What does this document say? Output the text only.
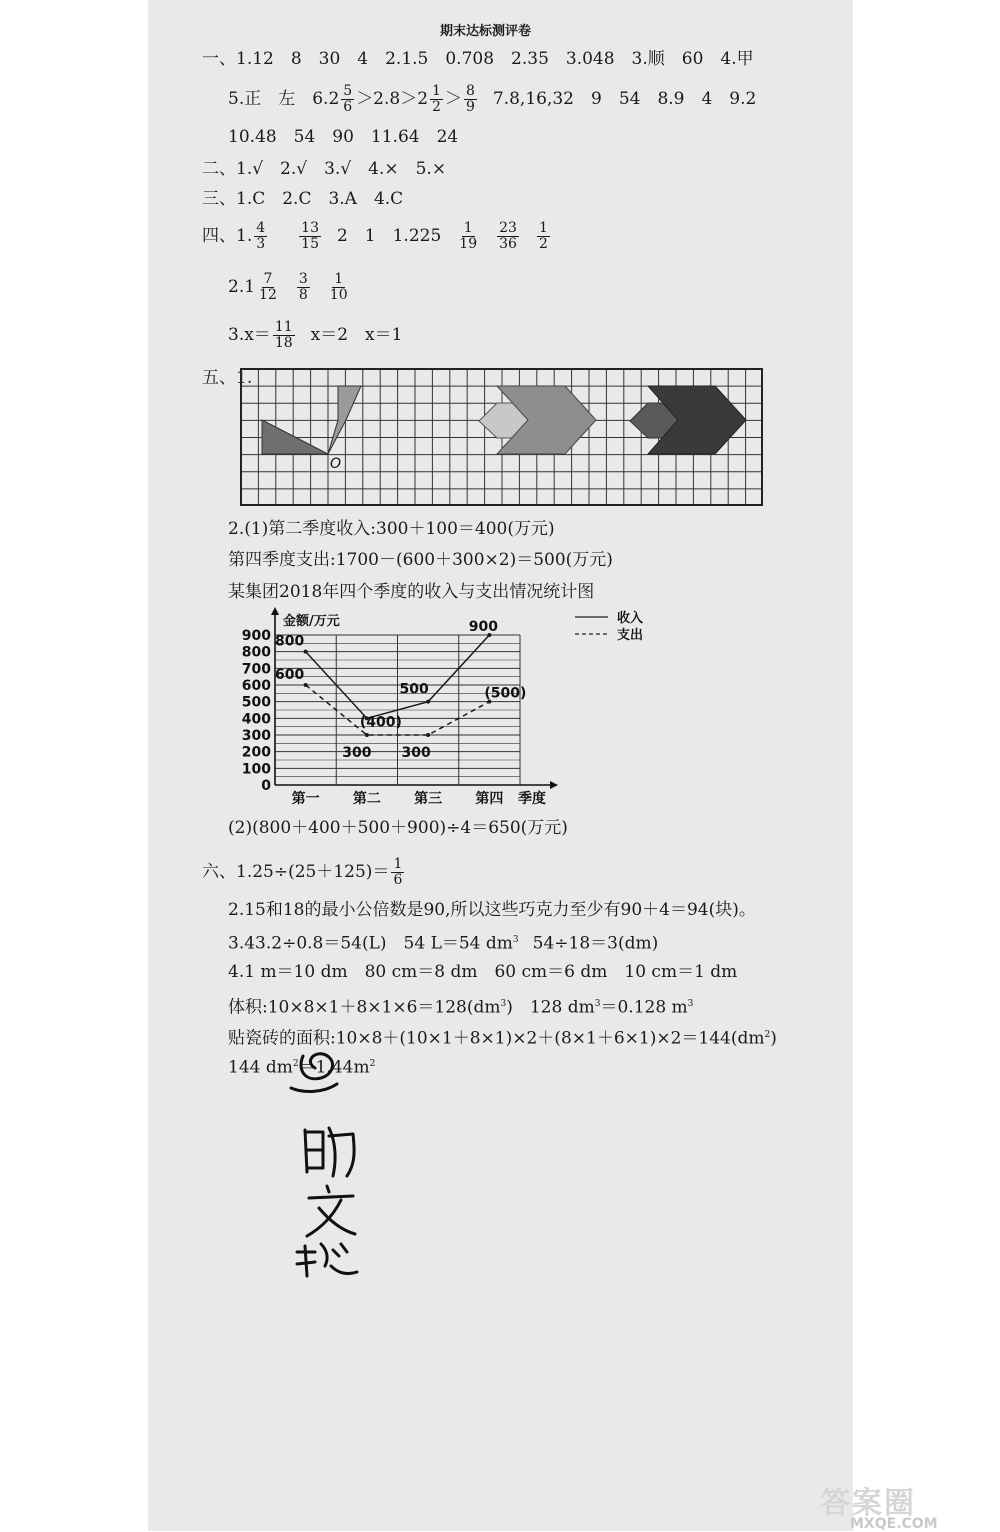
期末达标测评卷
一、1.12　8　30　4　2.1.5　0.708　2.35　3.048　3.顺　60　4.甲
5.正　左　$6.2 \frac{5}{6} >2.8>2 \frac{1}{2} > \frac{8}{9} 7.8,16,32$　9　54　8.9　4　9.2
10.48　54　90　11.64　24
二、1.√　2.√　3.√　4.×　5.×
三、1.C　2.C　3.A　4.C
四、1. $\frac{4}{3} \frac{13}{15} 2$　1　$1.225 \frac{1}{19} \frac{23}{36} \frac{1}{2}$
$2.1 \frac{7}{12} \frac{3}{8} \frac{1}{10}$
$3.x= \frac{11}{18} x=2$　x＝1
五、1.
O
2.(1)第二季度收入:300＋100＝400(万元)
第四季度支出:1700－(600＋300×2)＝500(万元)
某集团2018年四个季度的收入与支出情况统计图
0
100
200
300
400
500
600
700
800
900
第一 第二 第三 第四
800
(400)
500
900
600
300 300
(500)
金额/万元
季度
收入
支出
(2)(800＋400＋500＋900)÷4＝650(万元)
六、$1.25\div(25+125)= \frac{1}{6}$
2.15和18的最小公倍数是90,所以这些巧克力至少有90＋4＝94(块)。
3.43.2÷0.8＝54(L)　54 L＝54 $dm^3$ 54÷18＝3(dm)
4.1 m＝10 dm　80 cm＝8 dm　60 cm＝6 dm　10 cm＝1 dm
体积$:10\times 8\times 1+8\times 1\times 6=128(dm^3)$　128 $dm^3=0.128$ $m^3$
贴瓷砖的面积$:10\times 8+(10\times 1+8\times 1)\times 2+(8\times 1+6\times 1)\times 2=144(dm^2)$
144 $dm^2=1.44m^2$
答案圈
MXQE.COM
